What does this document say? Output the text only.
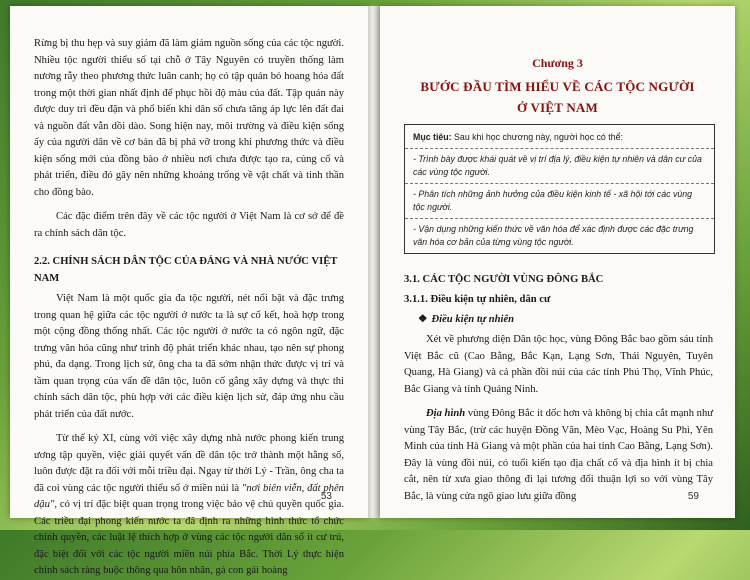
Rừng bị thu hẹp và suy giảm đã làm giảm nguồn sống của các tộc người. Nhiều tộc người thiểu số tại chỗ ở Tây Nguyên có truyền thống làm nương rẫy theo phương thức luân canh; họ có tập quán bỏ hoang hóa đất trong một thời gian nhất định để phục hồi độ màu của đất. Tập quán này được duy trì đều đặn và phổ biến khi dân số chưa tăng áp lực lên đất đai và nguồn đất vẫn dồi dào. Song hiện nay, môi trường và điều kiện sống ấy của người dân về cơ bản đã bị phá vỡ trong khi phương thức và điều kiện sống mới của đồng bào ở nhiều nơi chưa được tạo ra, củng cố và phát triển, điều đó gây nên những khoảng trống về vật chất và tinh thần cho đồng bào.

Các đặc điểm trên đây về các tộc người ở Việt Nam là cơ sở để đề ra chính sách dân tộc.

2.2. CHÍNH SÁCH DÂN TỘC CỦA ĐẢNG VÀ NHÀ NƯỚC VIỆT NAM

Việt Nam là một quốc gia đa tộc người, nét nổi bật và đặc trưng trong quan hệ giữa các tộc người ở nước ta là sự cố kết, hoà hợp trong một cộng đồng thống nhất. Các tộc người ở nước ta có ngôn ngữ, đặc trưng văn hóa cũng như trình độ phát triển khác nhau, tạo nên sự phong phú, đa dạng. Trong lịch sử, ông cha ta đã sớm nhận thức được vị trí và tầm quan trọng của vấn đề dân tộc, luôn cố gắng xây dựng và thực thi chính sách dân tộc, phù hợp với các điều kiện lịch sử, đáp ứng nhu cầu phát triển của đất nước.

Từ thế kỷ XI, cùng với việc xây dựng nhà nước phong kiến trung ương tập quyền, việc giải quyết vấn đề dân tộc trở thành một hằng số, luôn được đặt ra đối với mỗi triều đại. Ngay từ thời Lý - Trần, ông cha ta đã coi vùng các tộc người thiểu số ở miền núi là "nơi biên viễn, đất phên dậu", có vị trí đặc biệt quan trọng trong việc bảo vệ chủ quyền quốc gia. Các triều đại phong kiến nước ta đã định ra những hình thức tổ chức chính quyền, các luật lệ thích hợp ở vùng các tộc người dân số ít cư trú, đặc biệt đối với các tộc người miền núi phía Bắc. Thời Lý thực hiện chính sách ràng buộc thông qua hôn nhân, gả con gái hoàng

53
Chương 3
BƯỚC ĐẦU TÌM HIỂU VỀ CÁC TỘC NGƯỜI
Ở VIỆT NAM
Mục tiêu: Sau khi học chương này, người học có thể:
- Trình bày được khái quát về vị trí địa lý, điều kiện tự nhiên và dân cư của các vùng tộc người.
- Phân tích những ảnh hưởng của điều kiện kinh tế - xã hội tới các vùng tộc người.
- Vận dụng những kiến thức về văn hóa để xác định được các đặc trưng văn hóa cơ bản của từng vùng tộc người.
3.1. CÁC TỘC NGƯỜI VÙNG ĐÔNG BẮC
3.1.1. Điều kiện tự nhiên, dân cư
❖ Điều kiện tự nhiên

Xét về phương diện Dân tộc học, vùng Đông Bắc bao gồm sáu tỉnh Việt Bắc cũ (Cao Bằng, Bắc Kạn, Lạng Sơn, Thái Nguyên, Tuyên Quang, Hà Giang) và cả phần đồi núi của các tỉnh Phú Thọ, Vĩnh Phúc, Bắc Giang và tỉnh Quảng Ninh.

Địa hình vùng Đông Bắc ít dốc hơn và không bị chia cắt mạnh như vùng Tây Bắc, (trừ các huyện Đồng Văn, Mèo Vạc, Hoàng Su Phì, Yên Minh của tỉnh Hà Giang và một phần của hai tỉnh Cao Bằng, Lạng Sơn). Đây là vùng đồi núi, có tuổi kiến tạo địa chất cổ và địa hình ít bị chia cắt, nên từ xưa giao thông đi lại tương đối thuận lợi so với vùng Tây Bắc, là vùng cửa ngõ giao lưu giữa đồng	59
